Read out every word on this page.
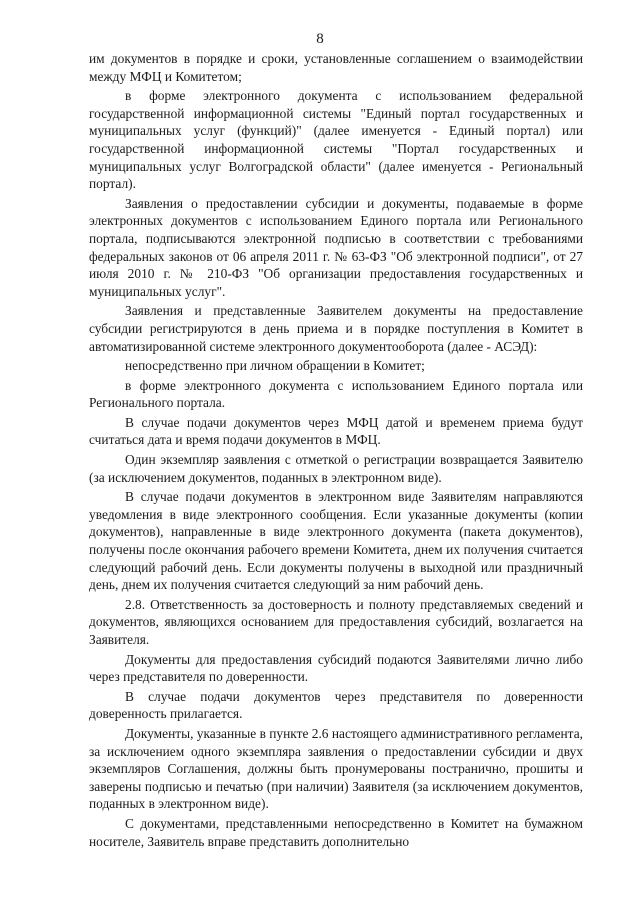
8

им документов в порядке и сроки, установленные соглашением о взаимодействии между МФЦ и Комитетом;

в форме электронного документа с использованием федеральной государственной информационной системы "Единый портал государственных и муниципальных услуг (функций)" (далее именуется - Единый портал) или государственной информационной системы "Портал государственных и муниципальных услуг Волгоградской области" (далее именуется - Региональный портал).

Заявления о предоставлении субсидии и документы, подаваемые в форме электронных документов с использованием Единого портала или Регионального портала, подписываются электронной подписью в соответствии с требованиями федеральных законов от 06 апреля 2011 г. № 63-ФЗ "Об электронной подписи", от 27 июля 2010 г. № 210-ФЗ "Об организации предоставления государственных и муниципальных услуг".

Заявления и представленные Заявителем документы на предоставление субсидии регистрируются в день приема и в порядке поступления в Комитет в автоматизированной системе электронного документооборота (далее - АСЭД):

непосредственно при личном обращении в Комитет;

в форме электронного документа с использованием Единого портала или Регионального портала.

В случае подачи документов через МФЦ датой и временем приема будут считаться дата и время подачи документов в МФЦ.

Один экземпляр заявления с отметкой о регистрации возвращается Заявителю (за исключением документов, поданных в электронном виде).

В случае подачи документов в электронном виде Заявителям направляются уведомления в виде электронного сообщения. Если указанные документы (копии документов), направленные в виде электронного документа (пакета документов), получены после окончания рабочего времени Комитета, днем их получения считается следующий рабочий день. Если документы получены в выходной или праздничный день, днем их получения считается следующий за ним рабочий день.

2.8. Ответственность за достоверность и полноту представляемых сведений и документов, являющихся основанием для предоставления субсидий, возлагается на Заявителя.

Документы для предоставления субсидий подаются Заявителями лично либо через представителя по доверенности.

В случае подачи документов через представителя по доверенности доверенность прилагается.

Документы, указанные в пункте 2.6 настоящего административного регламента, за исключением одного экземпляра заявления о предоставлении субсидии и двух экземпляров Соглашения, должны быть пронумерованы постранично, прошиты и заверены подписью и печатью (при наличии) Заявителя (за исключением документов, поданных в электронном виде).

С документами, представленными непосредственно в Комитет на бумажном носителе, Заявитель вправе представить дополнительно
